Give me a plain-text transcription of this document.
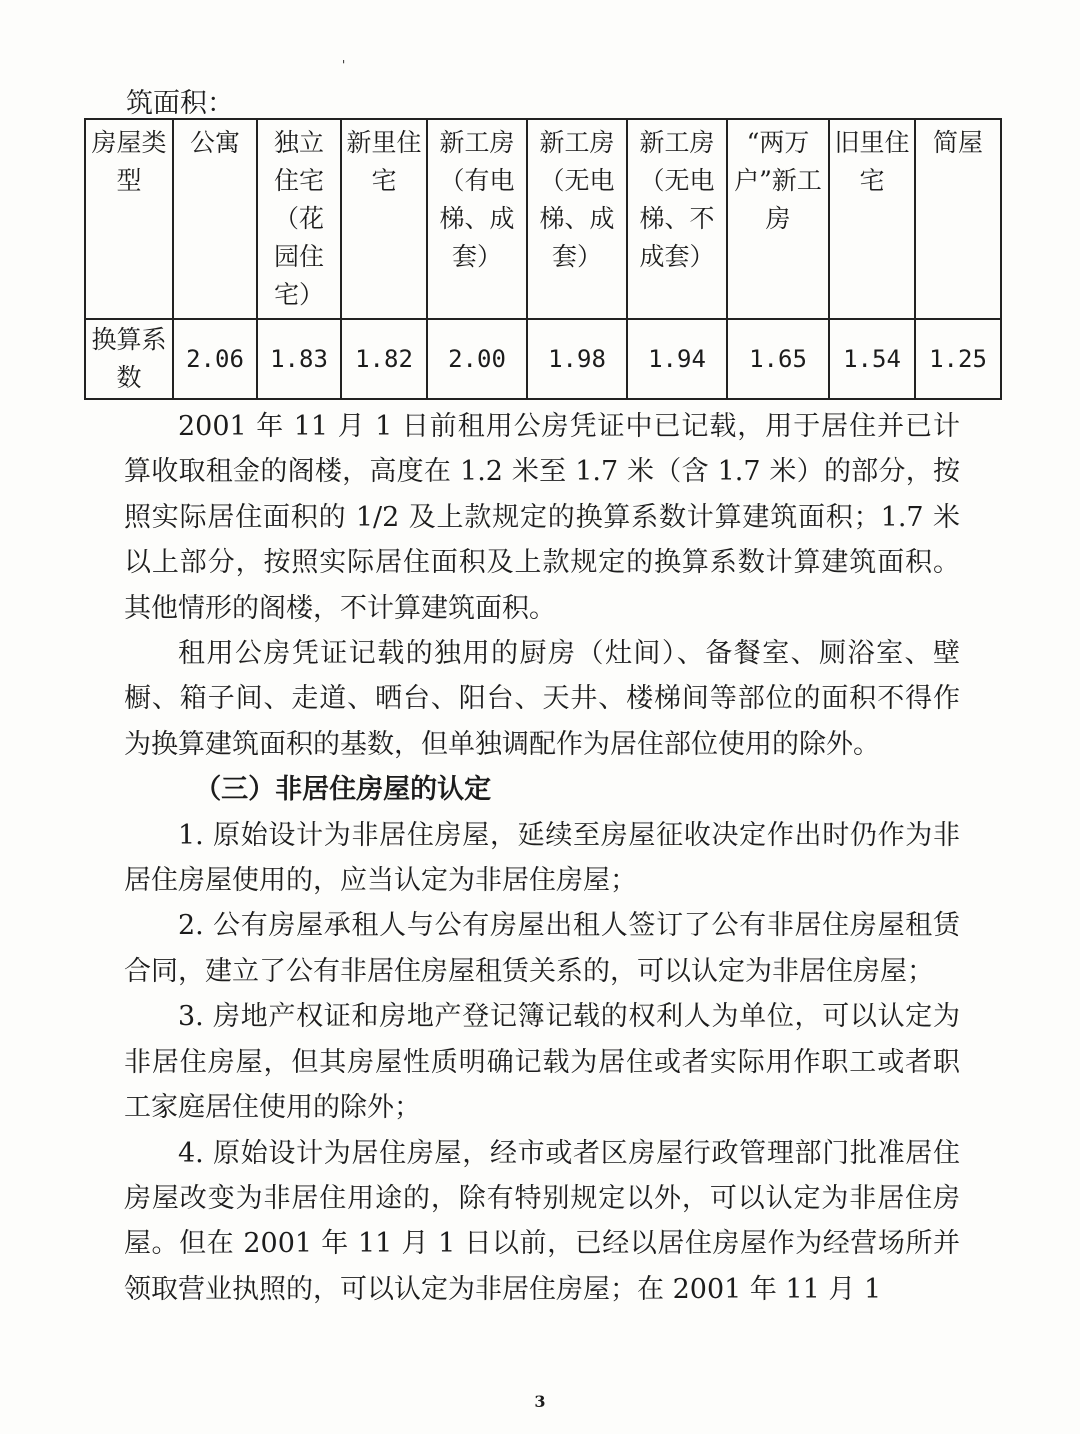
'
筑面积：
房屋类型	公寓	独立住宅（花园住宅）	新里住宅	新工房（有电梯、成套）	新工房（无电梯、成套）	新工房（无电梯、不成套）	“两万户”新工房	旧里住宅	简屋
换算系数	2.06	1.83	1.82	2.00	1.98	1.94	1.65	1.54	1.25

2001 年 11 月 1 日前租用公房凭证中已记载，用于居住并已计算收取租金的阁楼，高度在 1.2 米至 1.7 米（含 1.7 米）的部分，按照实际居住面积的 1/2 及上款规定的换算系数计算建筑面积；1.7 米以上部分，按照实际居住面积及上款规定的换算系数计算建筑面积。其他情形的阁楼，不计算建筑面积。

租用公房凭证记载的独用的厨房（灶间）、备餐室、厕浴室、壁橱、箱子间、走道、晒台、阳台、天井、楼梯间等部位的面积不得作为换算建筑面积的基数，但单独调配作为居住部位使用的除外。

（三）非居住房屋的认定

1. 原始设计为非居住房屋，延续至房屋征收决定作出时仍作为非居住房屋使用的，应当认定为非居住房屋；

2. 公有房屋承租人与公有房屋出租人签订了公有非居住房屋租赁合同，建立了公有非居住房屋租赁关系的，可以认定为非居住房屋；

3. 房地产权证和房地产登记簿记载的权利人为单位，可以认定为非居住房屋，但其房屋性质明确记载为居住或者实际用作职工或者职工家庭居住使用的除外；

4. 原始设计为居住房屋，经市或者区房屋行政管理部门批准居住房屋改变为非居住用途的，除有特别规定以外，可以认定为非居住房屋。但在 2001 年 11 月 1 日以前，已经以居住房屋作为经营场所并领取营业执照的，可以认定为非居住房屋；在 2001 年 11 月 1

3
